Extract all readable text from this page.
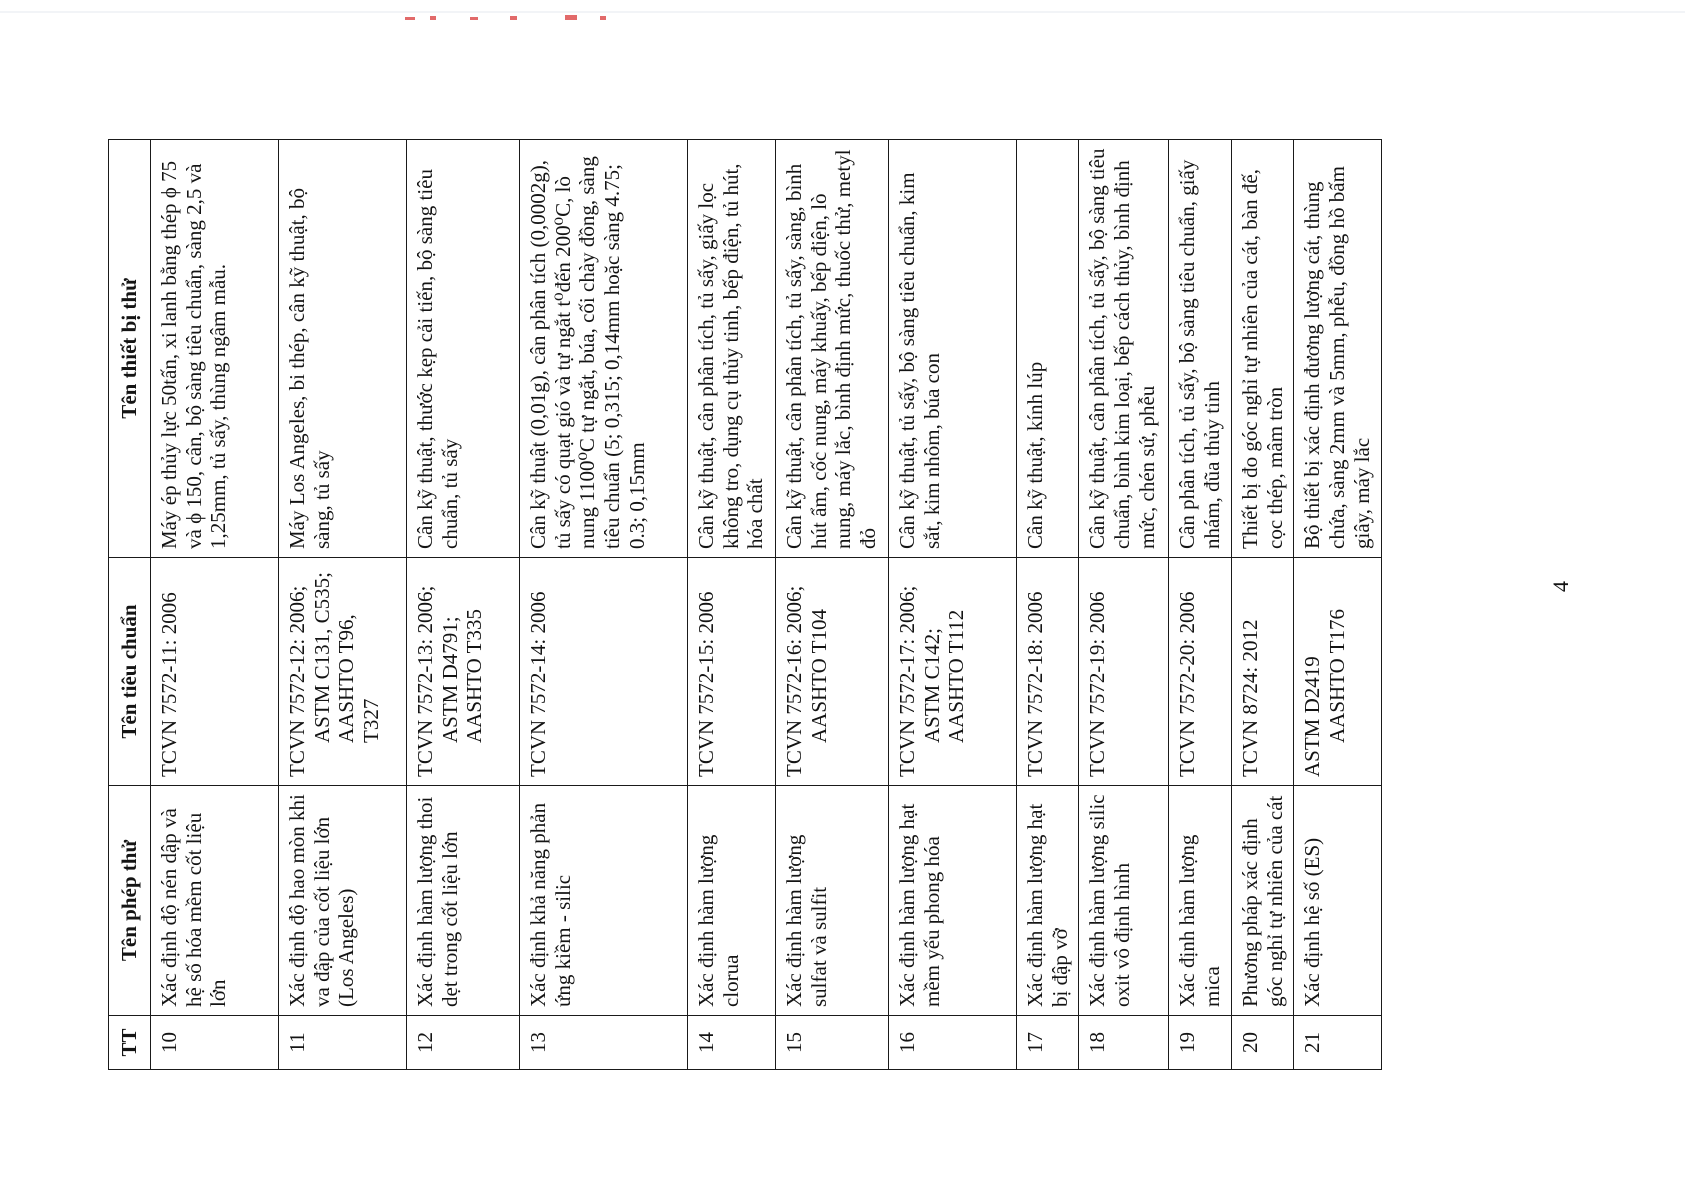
TT	Tên phép thử	Tên tiêu chuẩn	Tên thiết bị thử
10	Xác định độ nén dập và hệ số hóa mềm cốt liệu lớn	TCVN 7572-11: 2006	Máy ép thủy lực 50tấn, xi lanh bằng thép ϕ 75 và ϕ 150, cân, bộ sàng tiêu chuẩn, sàng 2,5 và 1,25mm, tủ sấy, thùng ngâm mẫu.
11	Xác định độ hao mòn khi va đập của cốt liệu lớn (Los Angeles)	TCVN 7572-12: 2006; ASTM C131, C535; AASHTO T96, T327	Máy Los Angeles, bi thép, cân kỹ thuật, bộ sàng, tủ sấy
12	Xác định hàm lượng thoi dẹt trong cốt liệu lớn	TCVN 7572-13: 2006; ASTM D4791; AASHTO T335	Cân kỹ thuật, thước kẹp cải tiến, bộ sàng tiêu chuẩn, tủ sấy
13	Xác định khả năng phản ứng kiềm - silic	TCVN 7572-14: 2006	Cân kỹ thuật (0,01g), cân phân tích (0,0002g), tủ sấy có quạt gió và tự ngắt t⁰đến 200⁰C, lò nung 1100⁰C tự ngắt, búa, cối chày đồng, sàng tiêu chuẩn (5; 0,315; 0,14mm hoặc sàng 4.75; 0.3; 0,15mm
14	Xác định hàm lượng clorua	TCVN 7572-15: 2006	Cân kỹ thuật, cân phân tích, tủ sấy, giấy lọc không tro, dụng cụ thủy tinh, bếp điện, tủ hút, hóa chất
15	Xác định hàm lượng sulfat và sulfit	TCVN 7572-16: 2006; AASHTO T104	Cân kỹ thuật, cân phân tích, tủ sấy, sàng, bình hút ẩm, cốc nung, máy khuấy, bếp điện, lò nung, máy lắc, bình định mức, thuốc thử, metyl đỏ
16	Xác định hàm lượng hạt mềm yếu phong hóa	TCVN 7572-17: 2006; ASTM C142; AASHTO T112	Cân kỹ thuật, tủ sấy, bộ sàng tiêu chuẩn, kim sắt, kim nhôm, búa con
17	Xác định hàm lượng hạt bị đập vỡ	TCVN 7572-18: 2006	Cân kỹ thuật, kính lúp
18	Xác định hàm lượng silic oxit vô định hình	TCVN 7572-19: 2006	Cân kỹ thuật, cân phân tích, tủ sấy, bộ sàng tiêu chuẩn, bình kim loại, bếp cách thủy, bình định mức, chén sứ, phễu
19	Xác định hàm lượng mica	TCVN 7572-20: 2006	Cân phân tích, tủ sấy, bộ sàng tiêu chuẩn, giấy nhám, đũa thủy tinh
20	Phương pháp xác định góc nghỉ tự nhiên của cát	TCVN 8724: 2012	Thiết bị đo góc nghỉ tự nhiên của cát, bàn đế, cọc thép, mâm tròn
21	Xác định hệ số (ES)	ASTM D2419 AASHTO T176	Bộ thiết bị xác định đương lượng cát, thùng chứa, sàng 2mm và 5mm, phễu, đồng hồ bấm giây, máy lắc
4
